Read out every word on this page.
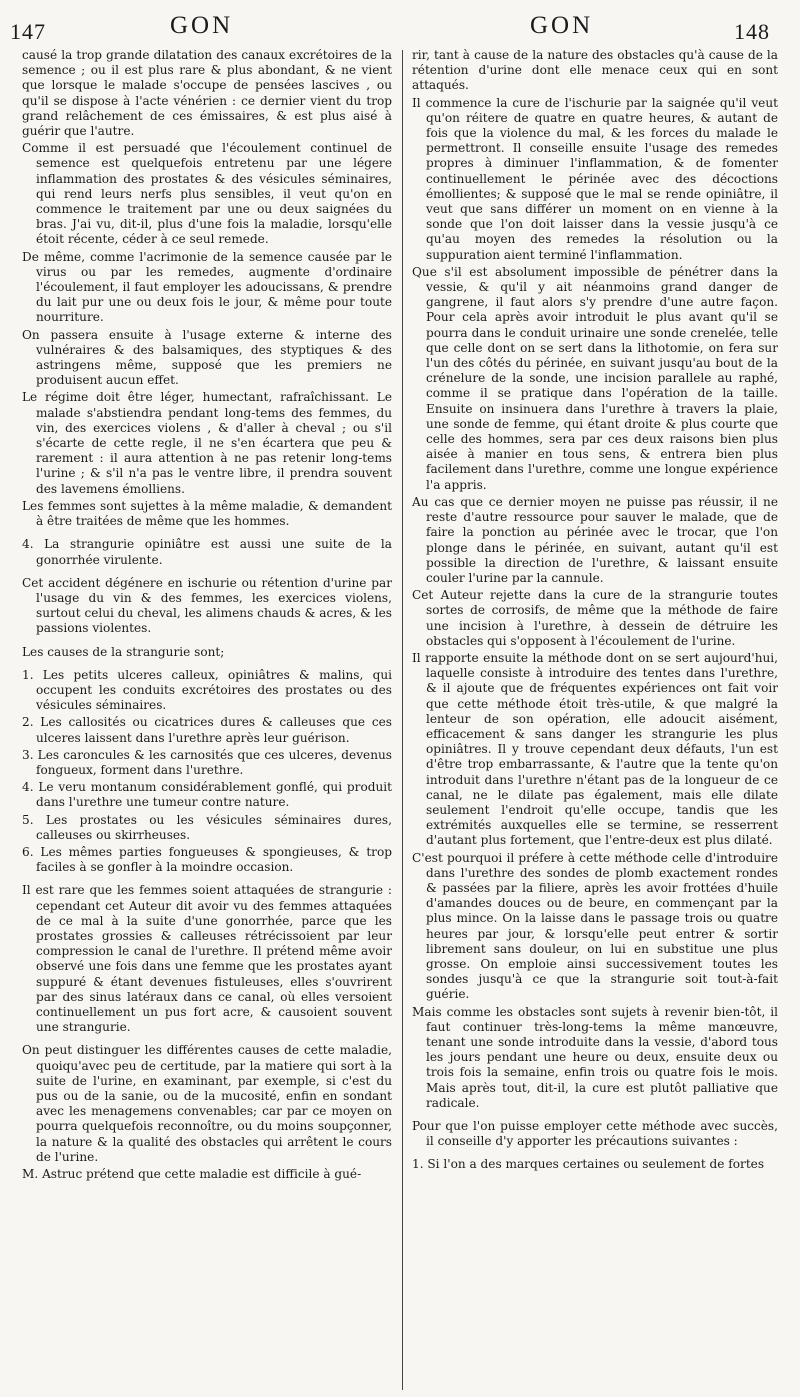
147	GON	GON	148

causé la trop grande dilatation des canaux excrétoires de la semence ; ou il est plus rare & plus abondant, & ne vient que lorsque le malade s'occupe de pensées lascives , ou qu'il se dispose à l'acte vénérien : ce dernier vient du trop grand relâchement de ces émissaires, & est plus aisé à guérir que l'autre.

Comme il est persuadé que l'écoulement continuel de semence est quelquefois entretenu par une légere inflammation des prostates & des vésicules séminaires, qui rend leurs nerfs plus sensibles, il veut qu'on en commence le traitement par une ou deux saignées du bras. J'ai vu, dit-il, plus d'une fois la maladie, lorsqu'elle étoit récente, céder à ce seul remede.

De même, comme l'acrimonie de la semence causée par le virus ou par les remedes, augmente d'ordinaire l'écoulement, il faut employer les adoucissans, & prendre du lait pur une ou deux fois le jour, & même pour toute nourriture.

On passera ensuite à l'usage externe & interne des vulnéraires & des balsamiques, des styptiques & des astringens même, supposé que les premiers ne produisent aucun effet.

Le régime doit être léger, humectant, rafraîchissant. Le malade s'abstiendra pendant long-tems des femmes, du vin, des exercices violens , & d'aller à cheval ; ou s'il s'écarte de cette regle, il ne s'en écartera que peu & rarement : il aura attention à ne pas retenir long-tems l'urine ; & s'il n'a pas le ventre libre, il prendra souvent des lavemens émolliens.

Les femmes sont sujettes à la même maladie, & demandent à être traitées de même que les hommes.

4. La strangurie opiniâtre est aussi une suite de la gonorrhée virulente.

Cet accident dégénere en ischurie ou rétention d'urine par l'usage du vin & des femmes, les exercices violens, surtout celui du cheval, les alimens chauds & acres, & les passions violentes.

Les causes de la strangurie sont;

1. Les petits ulceres calleux, opiniâtres & malins, qui occupent les conduits excrétoires des prostates ou des vésicules séminaires.

2. Les callosités ou cicatrices dures & calleuses que ces ulceres laissent dans l'urethre après leur guérison.

3. Les caroncules & les carnosités que ces ulceres, devenus fongueux, forment dans l'urethre.

4. Le veru montanum considérablement gonflé, qui produit dans l'urethre une tumeur contre nature.

5. Les prostates ou les vésicules séminaires dures, calleuses ou skirrheuses.

6. Les mêmes parties fongueuses & spongieuses, & trop faciles à se gonfler à la moindre occasion.

Il est rare que les femmes soient attaquées de strangurie : cependant cet Auteur dit avoir vu des femmes attaquées de ce mal à la suite d'une gonorrhée, parce que les prostates grossies & calleuses rétrécissoient par leur compression le canal de l'urethre. Il prétend même avoir observé une fois dans une femme que les prostates ayant suppuré & étant devenues fistuleuses, elles s'ouvrirent par des sinus latéraux dans ce canal, où elles versoient continuellement un pus fort acre, & causoient souvent une strangurie.

On peut distinguer les différentes causes de cette maladie, quoiqu'avec peu de certitude, par la matiere qui sort à la suite de l'urine, en examinant, par exemple, si c'est du pus ou de la sanie, ou de la mucosité, enfin en sondant avec les menagemens convenables; car par ce moyen on pourra quelquefois reconnoître, ou du moins soupçonner, la nature & la qualité des obstacles qui arrêtent le cours de l'urine.

M. Astruc prétend que cette maladie est difficile à gué-

rir, tant à cause de la nature des obstacles qu'à cause de la rétention d'urine dont elle menace ceux qui en sont attaqués.

Il commence la cure de l'ischurie par la saignée qu'il veut qu'on réitere de quatre en quatre heures, & autant de fois que la violence du mal, & les forces du malade le permettront. Il conseille ensuite l'usage des remedes propres à diminuer l'inflammation, & de fomenter continuellement le périnée avec des décoctions émollientes; & supposé que le mal se rende opiniâtre, il veut que sans différer un moment on en vienne à la sonde que l'on doit laisser dans la vessie jusqu'à ce qu'au moyen des remedes la résolution ou la suppuration aient terminé l'inflammation.

Que s'il est absolument impossible de pénétrer dans la vessie, & qu'il y ait néanmoins grand danger de gangrene, il faut alors s'y prendre d'une autre façon. Pour cela après avoir introduit le plus avant qu'il se pourra dans le conduit urinaire une sonde crenelée, telle que celle dont on se sert dans la lithotomie, on fera sur l'un des côtés du périnée, en suivant jusqu'au bout de la crénelure de la sonde, une incision parallele au raphé, comme il se pratique dans l'opération de la taille. Ensuite on insinuera dans l'urethre à travers la plaie, une sonde de femme, qui étant droite & plus courte que celle des hommes, sera par ces deux raisons bien plus aisée à manier en tous sens, & entrera bien plus facilement dans l'urethre, comme une longue expérience l'a appris.

Au cas que ce dernier moyen ne puisse pas réussir, il ne reste d'autre ressource pour sauver le malade, que de faire la ponction au périnée avec le trocar, que l'on plonge dans le périnée, en suivant, autant qu'il est possible la direction de l'urethre, & laissant ensuite couler l'urine par la cannule.

Cet Auteur rejette dans la cure de la strangurie toutes sortes de corrosifs, de même que la méthode de faire une incision à l'urethre, à dessein de détruire les obstacles qui s'opposent à l'écoulement de l'urine.

Il rapporte ensuite la méthode dont on se sert aujourd'hui, laquelle consiste à introduire des tentes dans l'urethre, & il ajoute que de fréquentes expériences ont fait voir que cette méthode étoit très-utile, & que malgré la lenteur de son opération, elle adoucit aisément, efficacement & sans danger les strangurie les plus opiniâtres. Il y trouve cependant deux défauts, l'un est d'être trop embarrassante, & l'autre que la tente qu'on introduit dans l'urethre n'étant pas de la longueur de ce canal, ne le dilate pas également, mais elle dilate seulement l'endroit qu'elle occupe, tandis que les extrémités auxquelles elle se termine, se resserrent d'autant plus fortement, que l'entre-deux est plus dilaté.

C'est pourquoi il préfere à cette méthode celle d'introduire dans l'urethre des sondes de plomb exactement rondes & passées par la filiere, après les avoir frottées d'huile d'amandes douces ou de beure, en commençant par la plus mince. On la laisse dans le passage trois ou quatre heures par jour, & lorsqu'elle peut entrer & sortir librement sans douleur, on lui en substitue une plus grosse. On emploie ainsi successivement toutes les sondes jusqu'à ce que la strangurie soit tout-à-fait guérie.

Mais comme les obstacles sont sujets à revenir bien-tôt, il faut continuer très-long-tems la même manœuvre, tenant une sonde introduite dans la vessie, d'abord tous les jours pendant une heure ou deux, ensuite deux ou trois fois la semaine, enfin trois ou quatre fois le mois. Mais après tout, dit-il, la cure est plutôt palliative que radicale.

Pour que l'on puisse employer cette méthode avec succès, il conseille d'y apporter les précautions suivantes :

1. Si l'on a des marques certaines ou seulement de fortes
